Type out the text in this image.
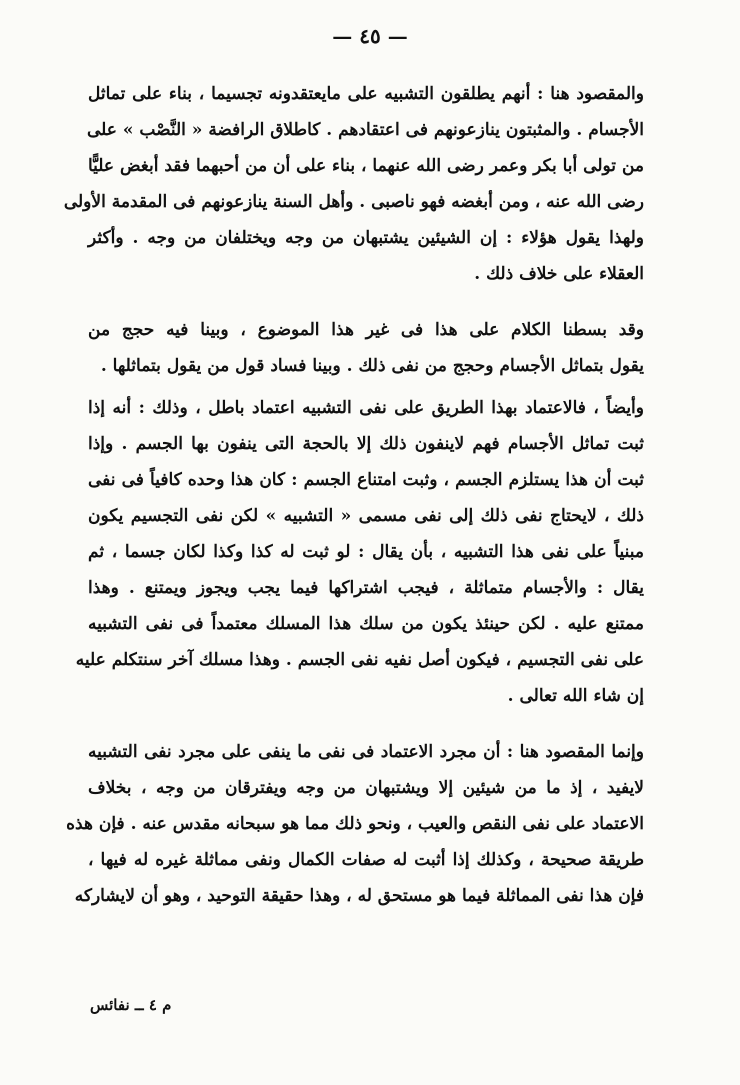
— ٤٥ —
والمقصود هنا : أنهم يطلقون التشبيه على مايعتقدونه تجسيما ، بناء على تماثل
الأجسام . والمثبتون ينازعونهم فى اعتقادهم . كاطلاق الرافضة « النَّصْب » على
من تولى أبا بكر وعمر رضى الله عنهما ، بناء على أن من أحبهما فقد أبغض عليًّا
رضى الله عنه ، ومن أبغضه فهو ناصبى . وأهل السنة ينازعونهم فى المقدمة الأولى
ولهذا يقول هؤلاء : إن الشيئين يشتبهان من وجه ويختلفان من وجه . وأكثر
العقلاء على خلاف ذلك .
وقد بسطنا الكلام على هذا فى غير هذا الموضوع ، وبينا فيه حجج من
يقول بتماثل الأجسام وحجج من نفى ذلك . وبينا فساد قول من يقول بتماثلها .
وأيضاً ، فالاعتماد بهذا الطريق على نفى التشبيه اعتماد باطل ، وذلك : أنه إذا
ثبت تماثل الأجسام فهم لاينفون ذلك إلا بالحجة التى ينفون بها الجسم . وإذا
ثبت أن هذا يستلزم الجسم ، وثبت امتناع الجسم : كان هذا وحده كافياً فى نفى
ذلك ، لايحتاج نفى ذلك إلى نفى مسمى « التشبيه » لكن نفى التجسيم يكون
مبنياً على نفى هذا التشبيه ، بأن يقال : لو ثبت له كذا وكذا لكان جسما ، ثم
يقال : والأجسام متماثلة ، فيجب اشتراكها فيما يجب ويجوز ويمتنع . وهذا
ممتنع عليه . لكن حينئذ يكون من سلك هذا المسلك معتمداً فى نفى التشبيه
على نفى التجسيم ، فيكون أصل نفيه نفى الجسم . وهذا مسلك آخر سنتكلم عليه
إن شاء الله تعالى .
وإنما المقصود هنا : أن مجرد الاعتماد فى نفى ما ينفى على مجرد نفى التشبيه
لايفيد ، إذ ما من شيئين إلا ويشتبهان من وجه ويفترقان من وجه ، بخلاف
الاعتماد على نفى النقص والعيب ، ونحو ذلك مما هو سبحانه مقدس عنه . فإن هذه
طريقة صحيحة ، وكذلك إذا أثبت له صفات الكمال ونفى مماثلة غيره له فيها ،
فإن هذا نفى المماثلة فيما هو مستحق له ، وهذا حقيقة التوحيد ، وهو أن لايشاركه
م ٤ ــ نفائس
